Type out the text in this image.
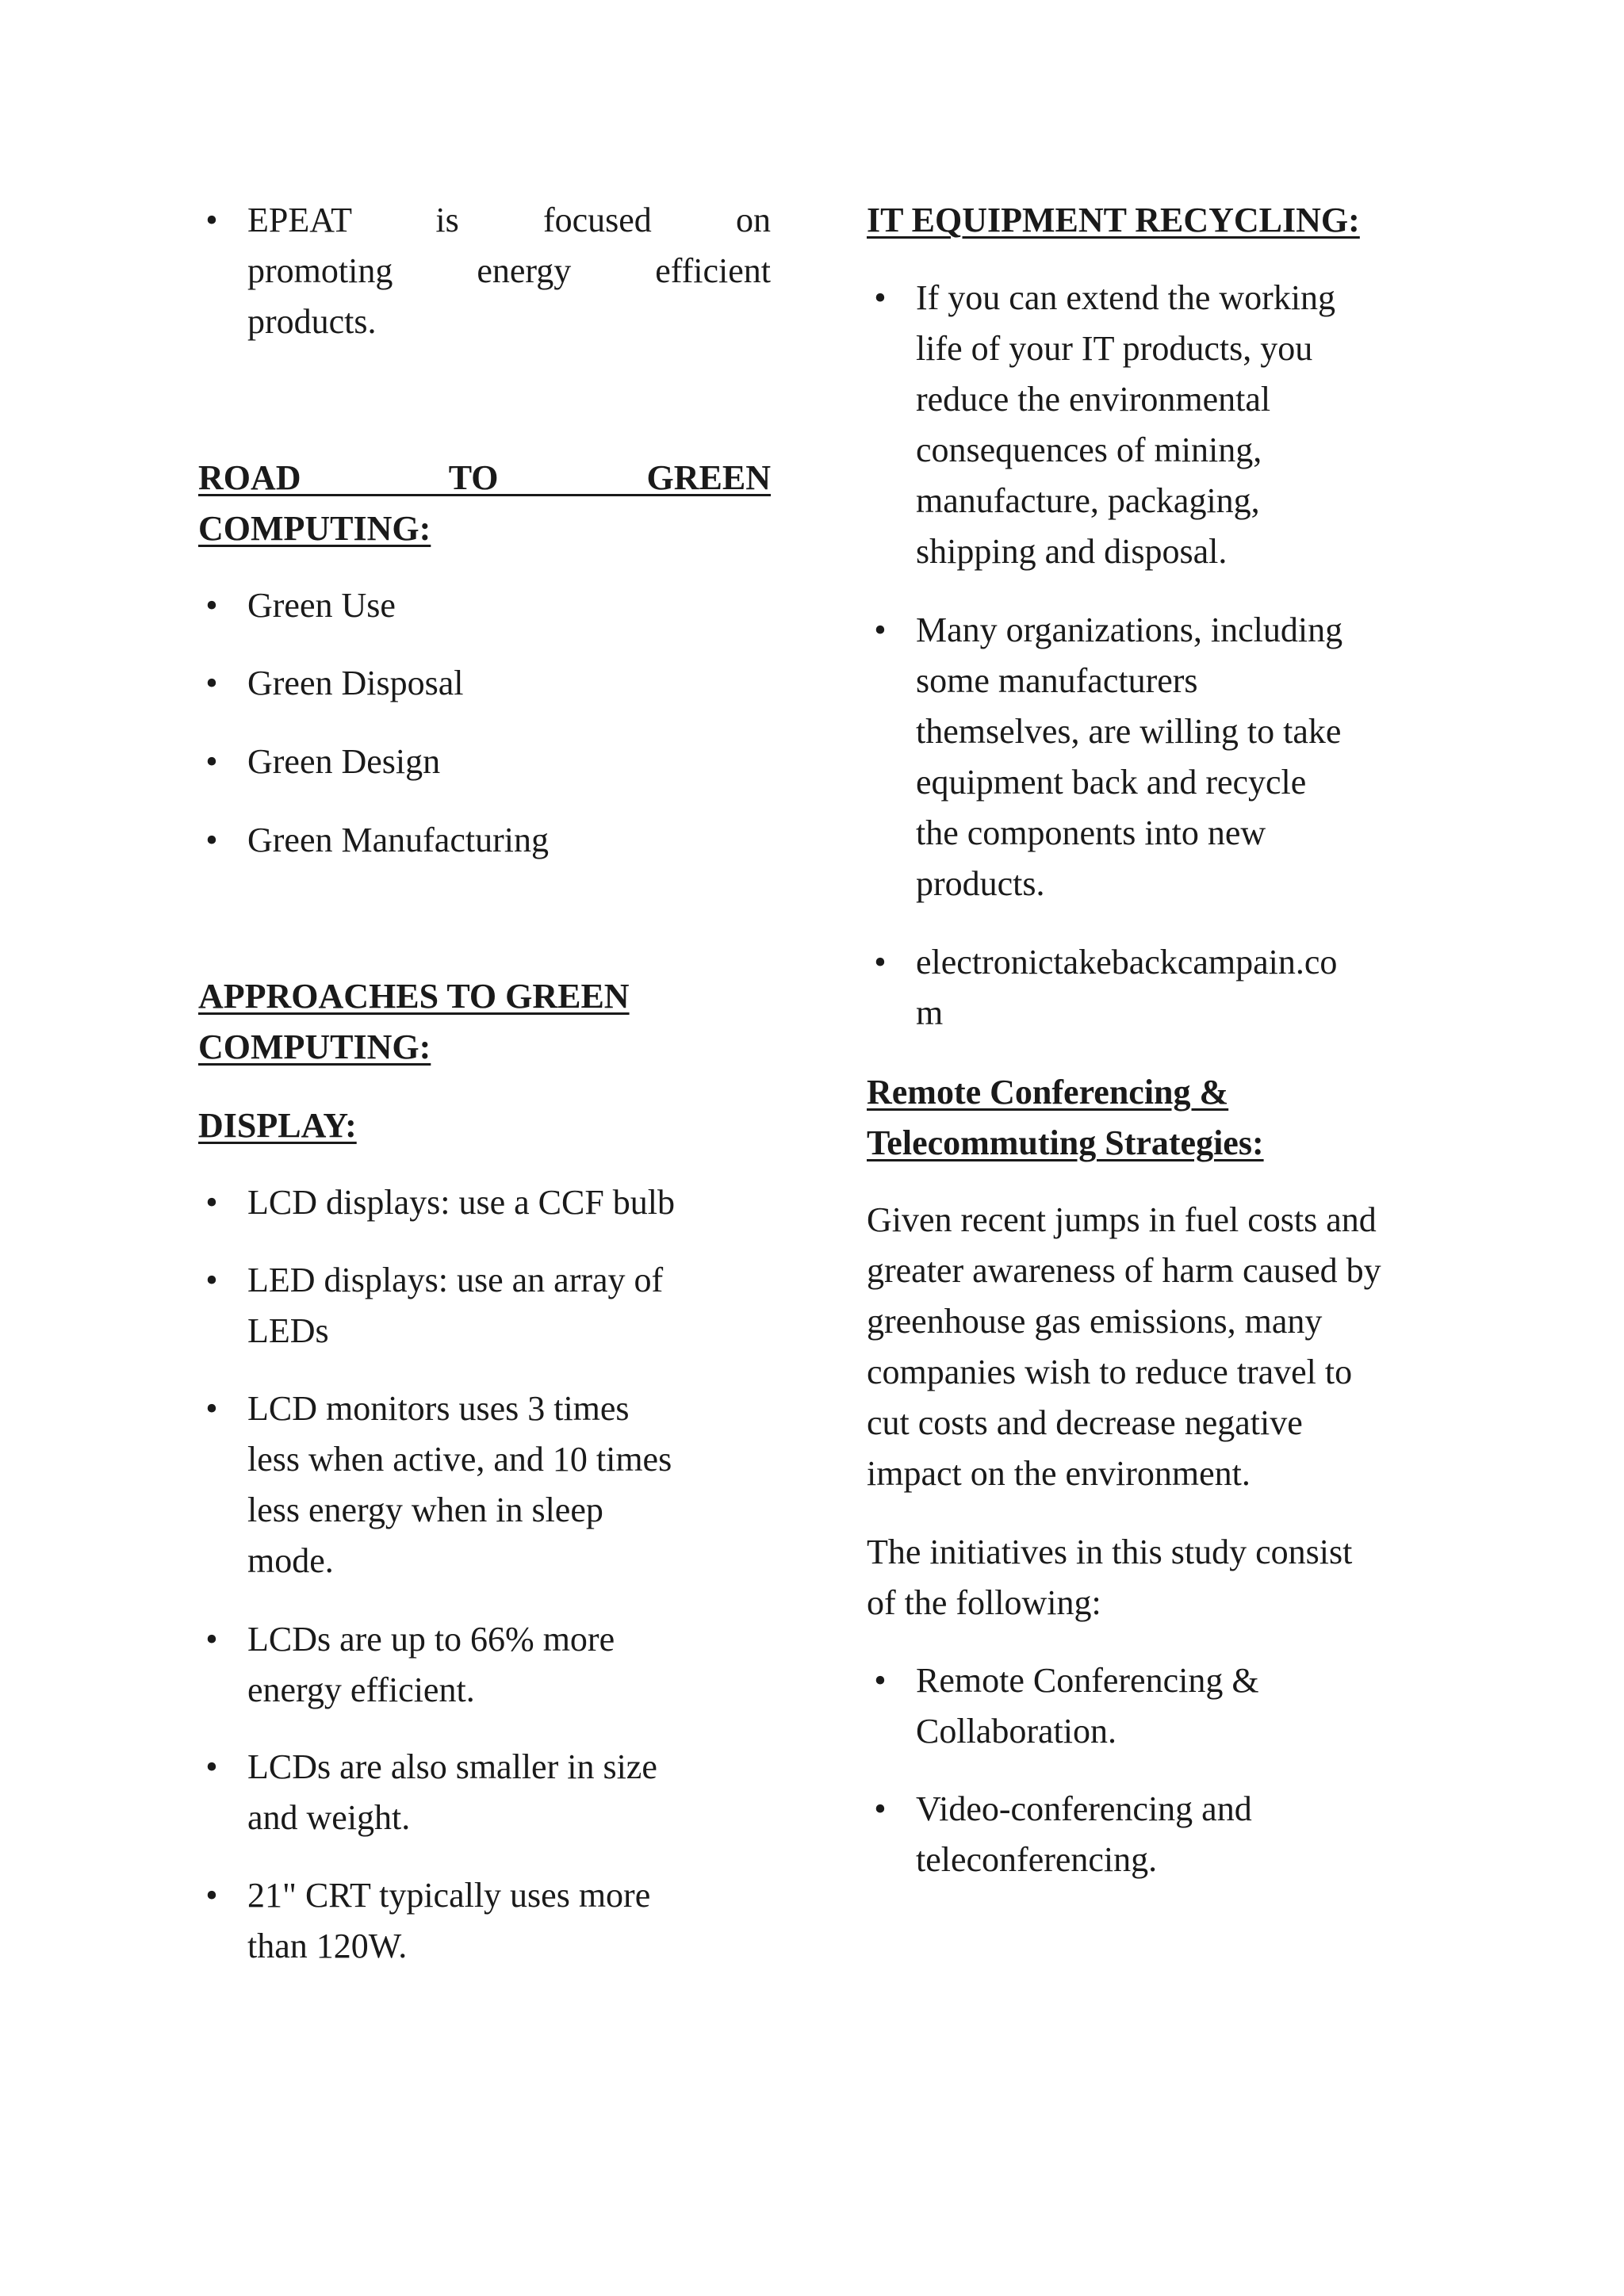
• EPEAT is focused on
promoting energy efficient
products.
ROAD TO GREEN
COMPUTING:
• Green Use
• Green Disposal
• Green Design
• Green Manufacturing
APPROACHES TO GREEN
COMPUTING:
DISPLAY:
• LCD displays: use a CCF bulb
• LED displays: use an array of
LEDs
• LCD monitors uses 3 times
less when active, and 10 times
less energy when in sleep
mode.
• LCDs are up to 66% more
energy efficient.
• LCDs are also smaller in size
and weight.
• 21" CRT typically uses more
than 120W.
IT EQUIPMENT RECYCLING:
• If you can extend the working
life of your IT products, you
reduce the environmental
consequences of mining,
manufacture, packaging,
shipping and disposal.
• Many organizations, including
some manufacturers
themselves, are willing to take
equipment back and recycle
the components into new
products.
• electronictakebackcampain.co
m
Remote Conferencing &
Telecommuting Strategies:
Given recent jumps in fuel costs and
greater awareness of harm caused by
greenhouse gas emissions, many
companies wish to reduce travel to
cut costs and decrease negative
impact on the environment.
The initiatives in this study consist
of the following:
• Remote Conferencing &
Collaboration.
• Video-conferencing and
teleconferencing.
